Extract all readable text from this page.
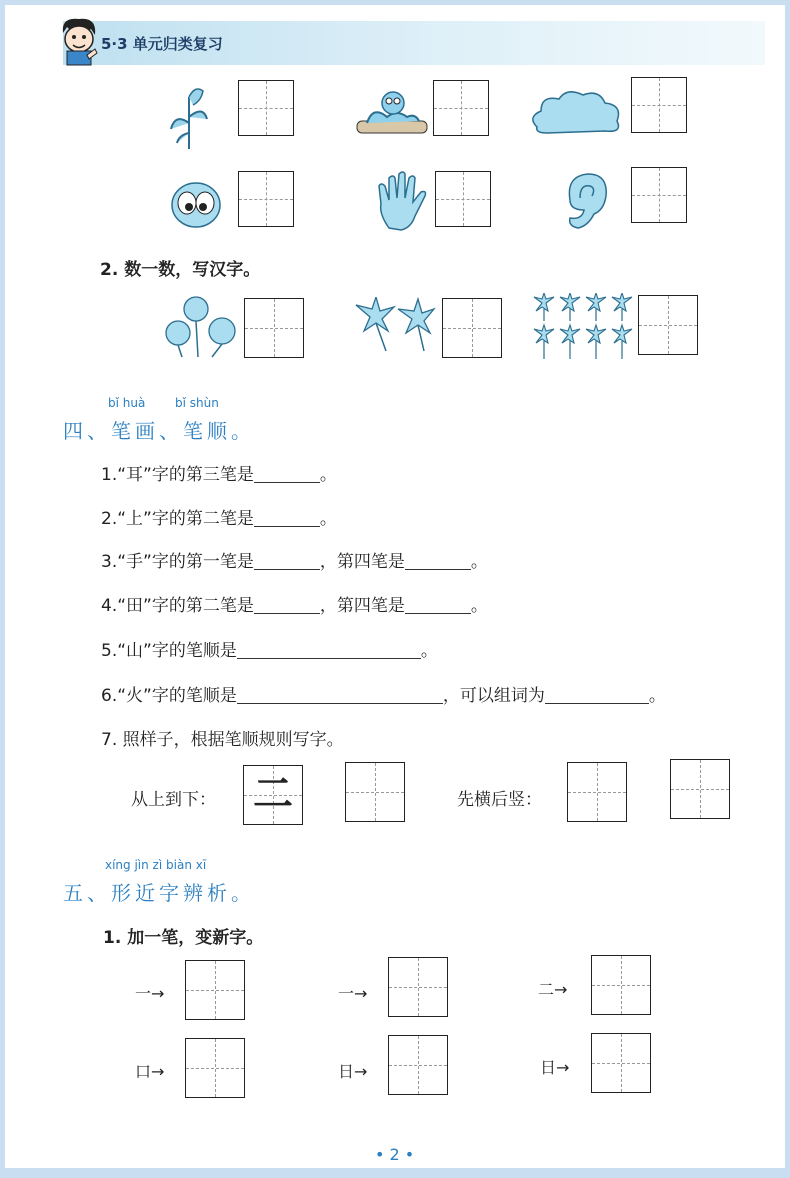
5·3 单元归类复习
2. 数一数，写汉字。
bǐ huà bǐ shùn
四、笔画、笔顺。
1.“耳”字的第三笔是	。
2.“上”字的第二笔是	。
3.“手”字的第一笔是	，第四笔是	。
4.“田”字的第二笔是	，第四笔是	。
5.“山”字的笔顺是	。
6.“火”字的笔顺是	，可以组词为	。
7. 照样子，根据笔顺规则写字。
从上到下： 二	先横后竖：
xíng jìn zì biàn xī
五、形近字辨析。
1. 加一笔，变新字。
一→	一→	二→
口→	日→	日→
• 2 •
